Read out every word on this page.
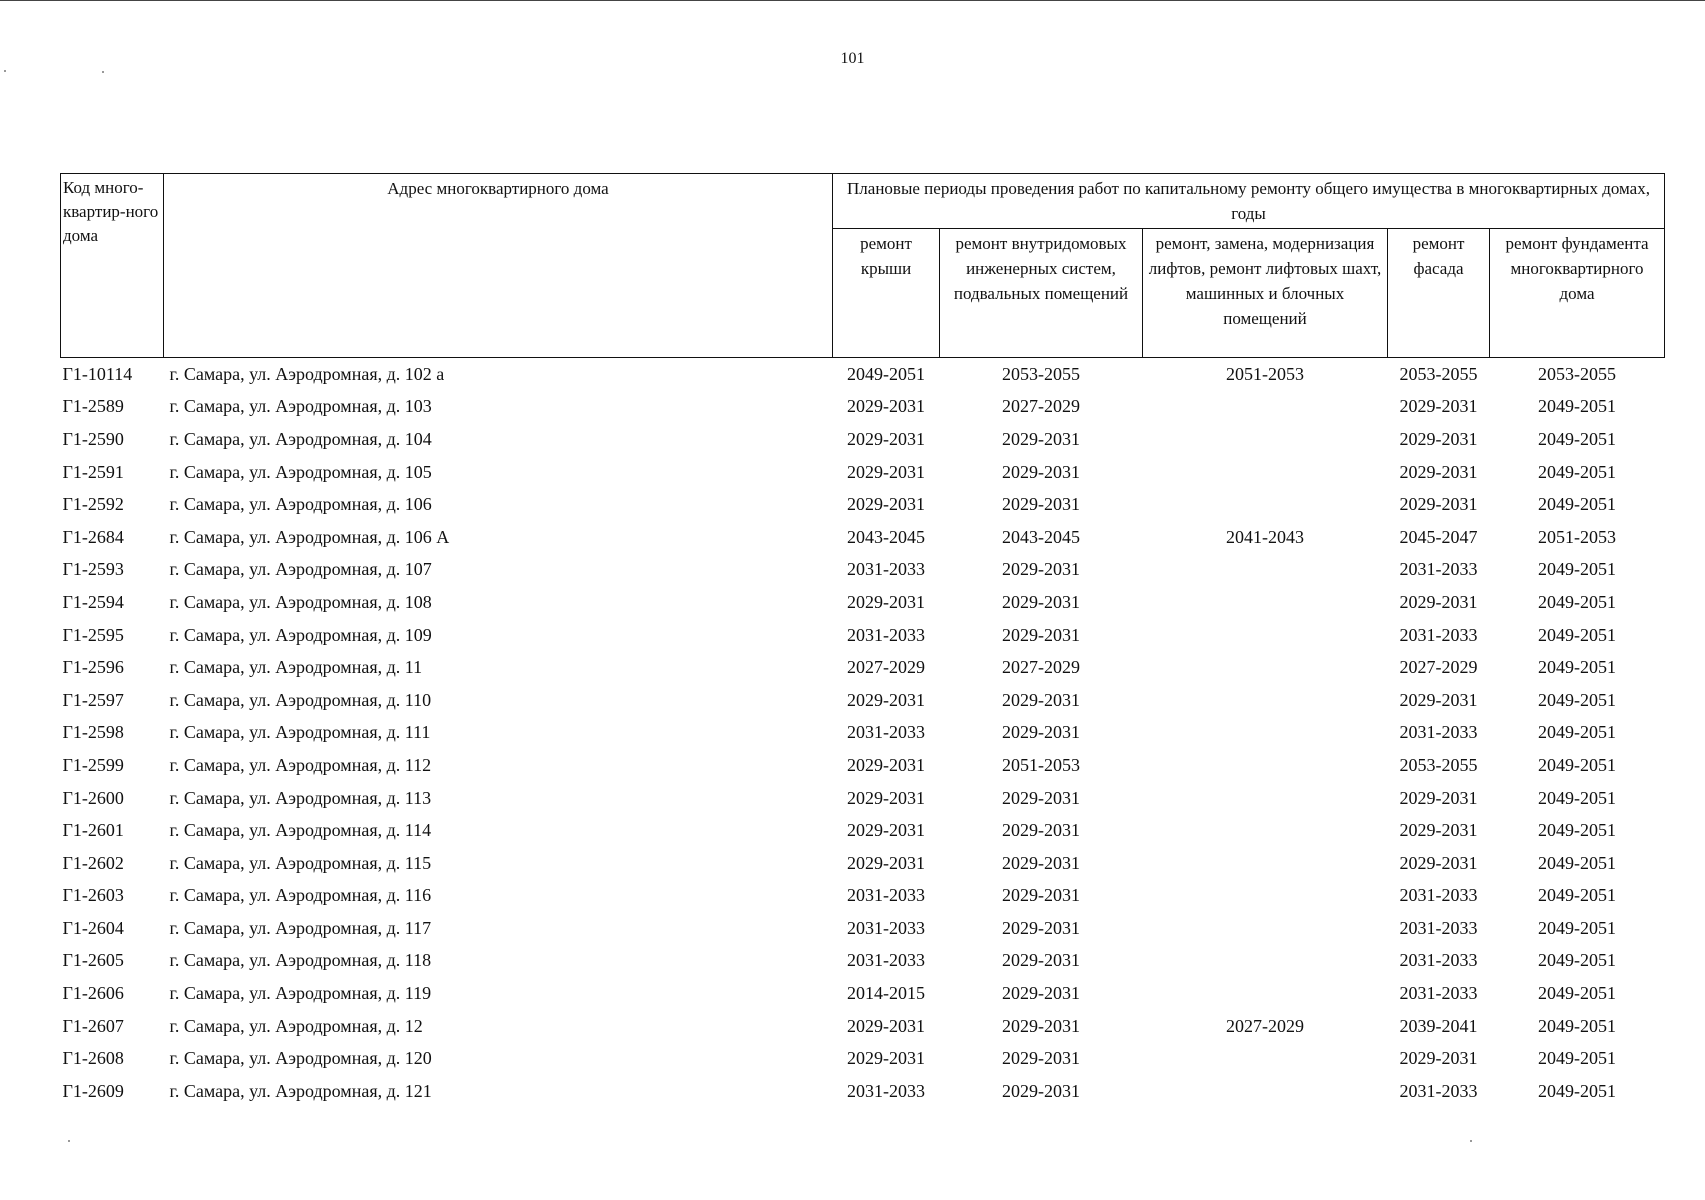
101
Код много-квартир-ного дома	Адрес многоквартирного дома	Плановые периоды проведения работ по капитальному ремонту общего имущества в многоквартирных домах, годы				
		ремонт крыши	ремонт внутридомовых инженерных систем, подвальных помещений	ремонт, замена, модернизация лифтов, ремонт лифтовых шахт, машинных и блочных помещений	ремонт фасада	ремонт фундамента многоквартирного дома
Г1-10114	г. Самара, ул. Аэродромная, д. 102 а	2049-2051	2053-2055	2051-2053	2053-2055	2053-2055
Г1-2589	г. Самара, ул. Аэродромная, д. 103	2029-2031	2027-2029		2029-2031	2049-2051
Г1-2590	г. Самара, ул. Аэродромная, д. 104	2029-2031	2029-2031		2029-2031	2049-2051
Г1-2591	г. Самара, ул. Аэродромная, д. 105	2029-2031	2029-2031		2029-2031	2049-2051
Г1-2592	г. Самара, ул. Аэродромная, д. 106	2029-2031	2029-2031		2029-2031	2049-2051
Г1-2684	г. Самара, ул. Аэродромная, д. 106 А	2043-2045	2043-2045	2041-2043	2045-2047	2051-2053
Г1-2593	г. Самара, ул. Аэродромная, д. 107	2031-2033	2029-2031		2031-2033	2049-2051
Г1-2594	г. Самара, ул. Аэродромная, д. 108	2029-2031	2029-2031		2029-2031	2049-2051
Г1-2595	г. Самара, ул. Аэродромная, д. 109	2031-2033	2029-2031		2031-2033	2049-2051
Г1-2596	г. Самара, ул. Аэродромная, д. 11	2027-2029	2027-2029		2027-2029	2049-2051
Г1-2597	г. Самара, ул. Аэродромная, д. 110	2029-2031	2029-2031		2029-2031	2049-2051
Г1-2598	г. Самара, ул. Аэродромная, д. 111	2031-2033	2029-2031		2031-2033	2049-2051
Г1-2599	г. Самара, ул. Аэродромная, д. 112	2029-2031	2051-2053		2053-2055	2049-2051
Г1-2600	г. Самара, ул. Аэродромная, д. 113	2029-2031	2029-2031		2029-2031	2049-2051
Г1-2601	г. Самара, ул. Аэродромная, д. 114	2029-2031	2029-2031		2029-2031	2049-2051
Г1-2602	г. Самара, ул. Аэродромная, д. 115	2029-2031	2029-2031		2029-2031	2049-2051
Г1-2603	г. Самара, ул. Аэродромная, д. 116	2031-2033	2029-2031		2031-2033	2049-2051
Г1-2604	г. Самара, ул. Аэродромная, д. 117	2031-2033	2029-2031		2031-2033	2049-2051
Г1-2605	г. Самара, ул. Аэродромная, д. 118	2031-2033	2029-2031		2031-2033	2049-2051
Г1-2606	г. Самара, ул. Аэродромная, д. 119	2014-2015	2029-2031		2031-2033	2049-2051
Г1-2607	г. Самара, ул. Аэродромная, д. 12	2029-2031	2029-2031	2027-2029	2039-2041	2049-2051
Г1-2608	г. Самара, ул. Аэродромная, д. 120	2029-2031	2029-2031		2029-2031	2049-2051
Г1-2609	г. Самара, ул. Аэродромная, д. 121	2031-2033	2029-2031		2031-2033	2049-2051
